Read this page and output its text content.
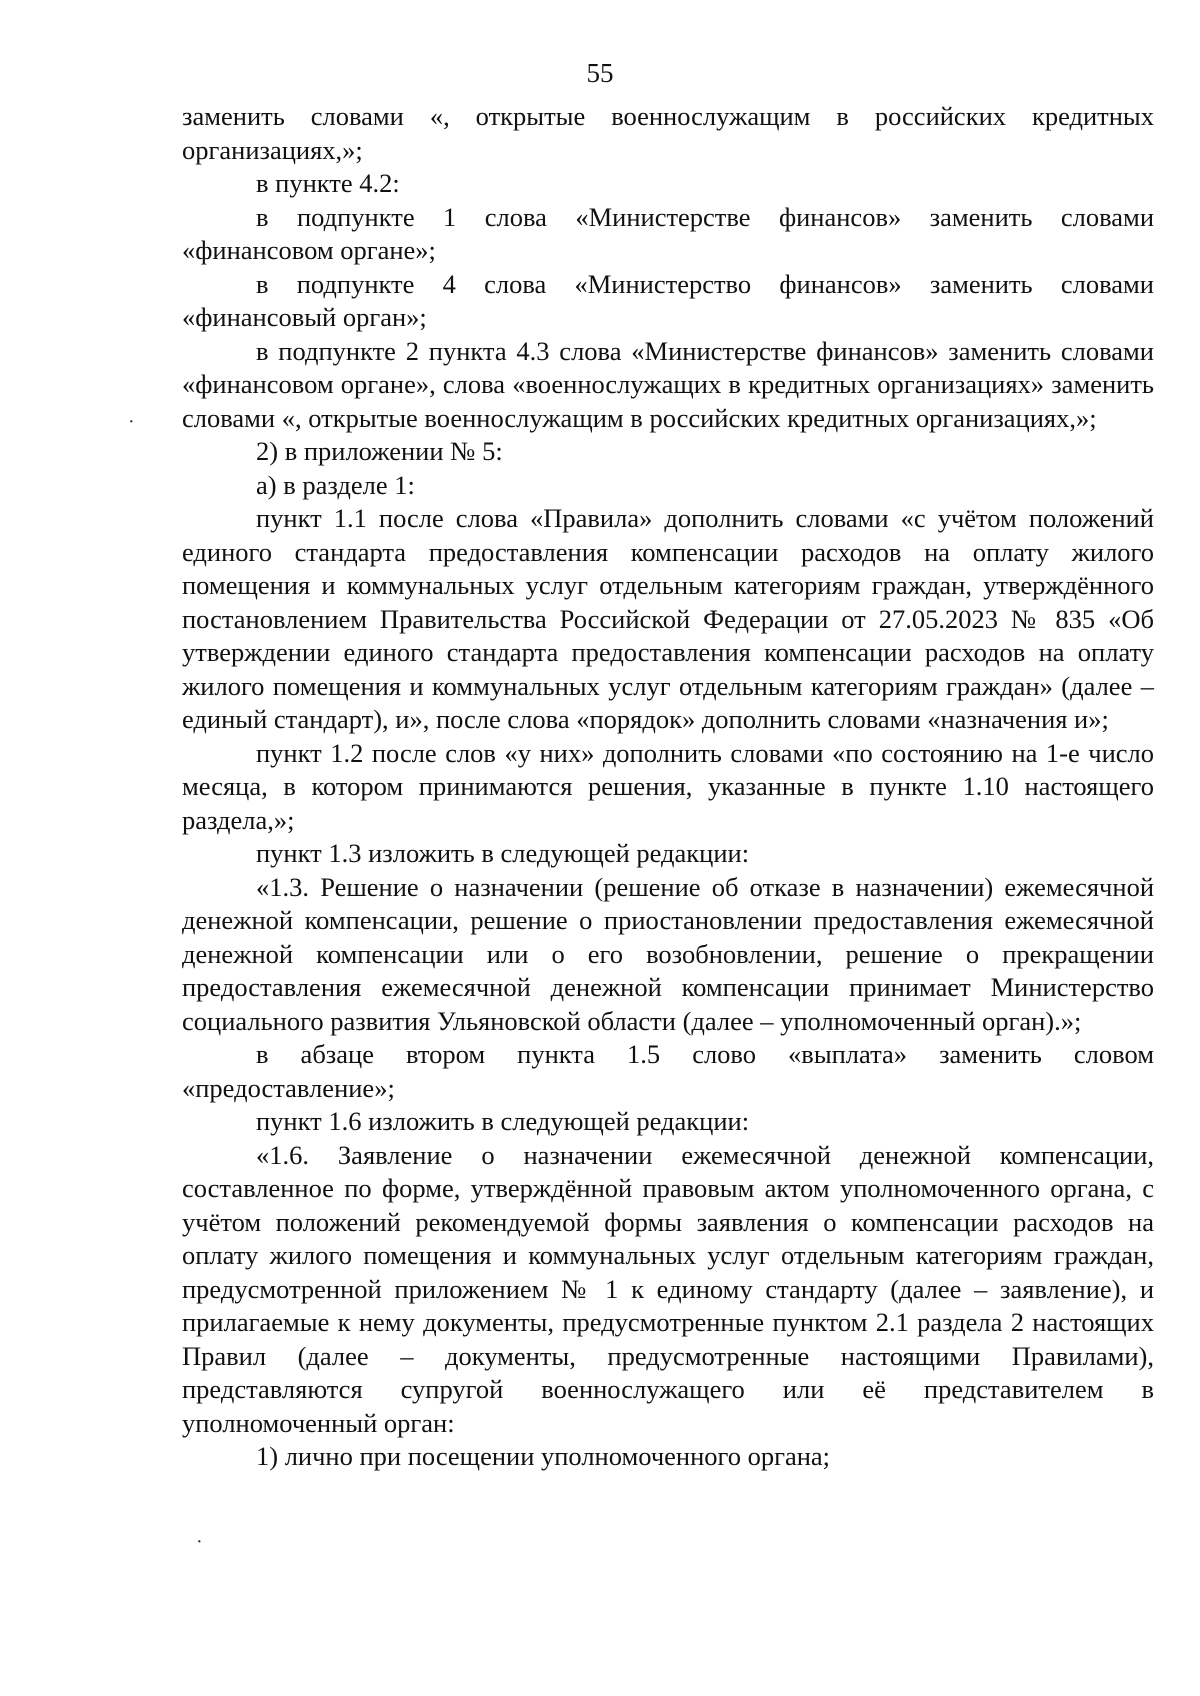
55

заменить словами «, открытые военнослужащим в российских кредитных организациях,»;

в пункте 4.2:

в подпункте 1 слова «Министерстве финансов» заменить словами «финансовом органе»;

в подпункте 4 слова «Министерство финансов» заменить словами «финансовый орган»;

в подпункте 2 пункта 4.3 слова «Министерстве финансов» заменить словами «финансовом органе», слова «военнослужащих в кредитных организациях» заменить словами «, открытые военнослужащим в российских кредитных организациях,»;

2) в приложении № 5:

а) в разделе 1:

пункт 1.1 после слова «Правила» дополнить словами «с учётом положений единого стандарта предоставления компенсации расходов на оплату жилого помещения и коммунальных услуг отдельным категориям граждан, утверждённого постановлением Правительства Российской Федерации от 27.05.2023 № 835 «Об утверждении единого стандарта предоставления компенсации расходов на оплату жилого помещения и коммунальных услуг отдельным категориям граждан» (далее – единый стандарт), и», после слова «порядок» дополнить словами «назначения и»;

пункт 1.2 после слов «у них» дополнить словами «по состоянию на 1-е число месяца, в котором принимаются решения, указанные в пункте 1.10 настоящего раздела,»;

пункт 1.3 изложить в следующей редакции:

«1.3. Решение о назначении (решение об отказе в назначении) ежемесячной денежной компенсации, решение о приостановлении предоставления ежемесячной денежной компенсации или о его возобновлении, решение о прекращении предоставления ежемесячной денежной компенсации принимает Министерство социального развития Ульяновской области (далее – уполномоченный орган).»;

в абзаце втором пункта 1.5 слово «выплата» заменить словом «предоставление»;

пункт 1.6 изложить в следующей редакции:

«1.6. Заявление о назначении ежемесячной денежной компенсации, составленное по форме, утверждённой правовым актом уполномоченного органа, с учётом положений рекомендуемой формы заявления о компенсации расходов на оплату жилого помещения и коммунальных услуг отдельным категориям граждан, предусмотренной приложением № 1 к единому стандарту (далее – заявление), и прилагаемые к нему документы, предусмотренные пунктом 2.1 раздела 2 настоящих Правил (далее – документы, предусмотренные настоящими Правилами), представляются супругой военнослужащего или её представителем в уполномоченный орган:

1) лично при посещении уполномоченного органа;

·
·
